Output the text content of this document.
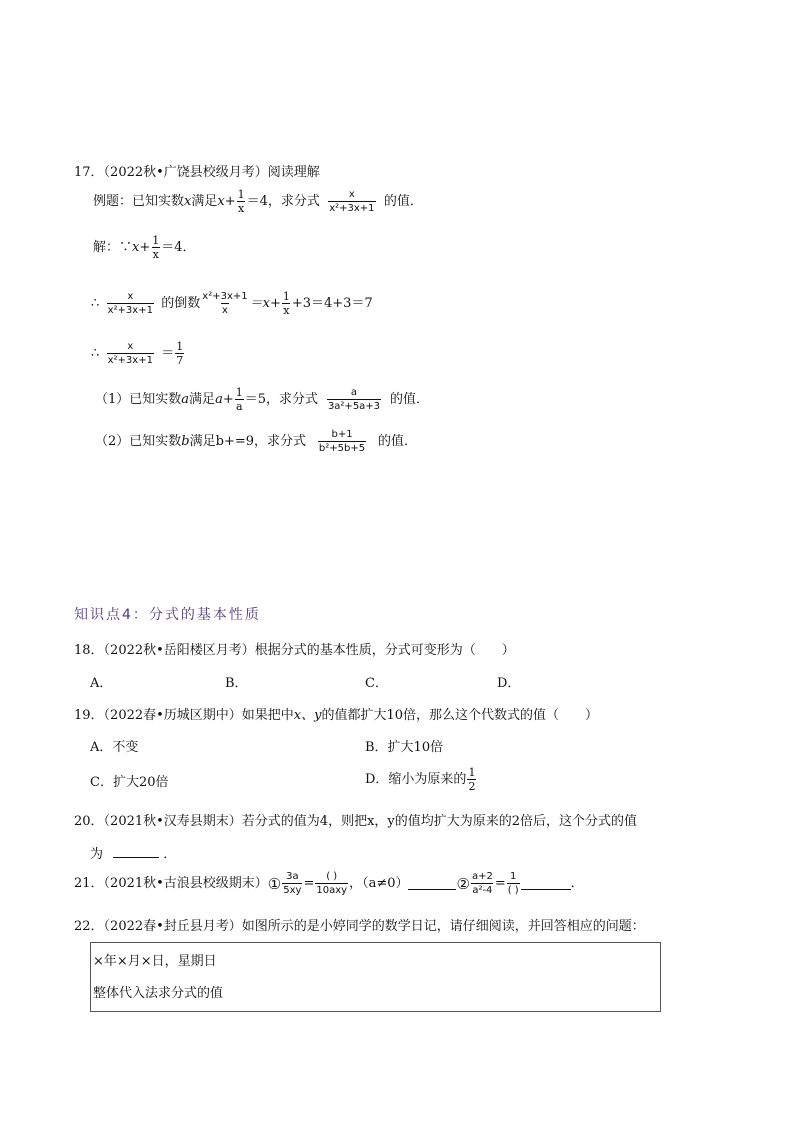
17．（2022秋•广饶县校级月考）阅读理解
例题：已知实数 x 满足 $x+ \frac{1}{x} =4$，求分式 $\frac{x}{\text{x²+3x+1}}$ 的值．
解：∵ $x+ \frac{1}{x} =4$．
∴ $\frac{x}{\text{x²+3x+1}}$ 的倒数 $\frac{\text{x²+3x+1}}{x} =x+ \frac{1}{x} +3=4+3=7$
∴ $\frac{x}{\text{x²+3x+1}} = \frac{1}{7}$
（1）已知实数 a 满足 $a+ \frac{1}{a} =5$，求分式 $\frac{a}{\text{3a²+5a+3}}$ 的值．
（2）已知实数 b 满足 b+=9，求分式 $\frac{b+1}{\text{b²+5b+5}}$ 的值．
知识点4：分式的基本性质
18．（2022秋•岳阳楼区月考）根据分式的基本性质，分式可变形为（　　）
A．	B．	C．	D．
19．（2022春•历城区期中）如果把中x、y的值都扩大10倍，那么这个代数式的值（　　）
A．不变	B．扩大10倍
C．扩大20倍	D．缩小为原来的 $\frac{1}{2}$
20．（2021秋•汉寿县期末）若分式的值为4，则把x，y的值均扩大为原来的2倍后，这个分式的值
为	．
21．（2021秋•古浪县校级期末） ① $\frac{3a}{5xy} = \frac{( )}{\text{10axy}}$ ，（a≠0）	② $\frac{a+2}{\text{a²-4}} = \frac{1}{( )}$	．
22．（2022春•封丘县月考）如图所示的是小婷同学的数学日记，请仔细阅读，并回答相应的问题：
×年×月×日，星期日
整体代入法求分式的值
